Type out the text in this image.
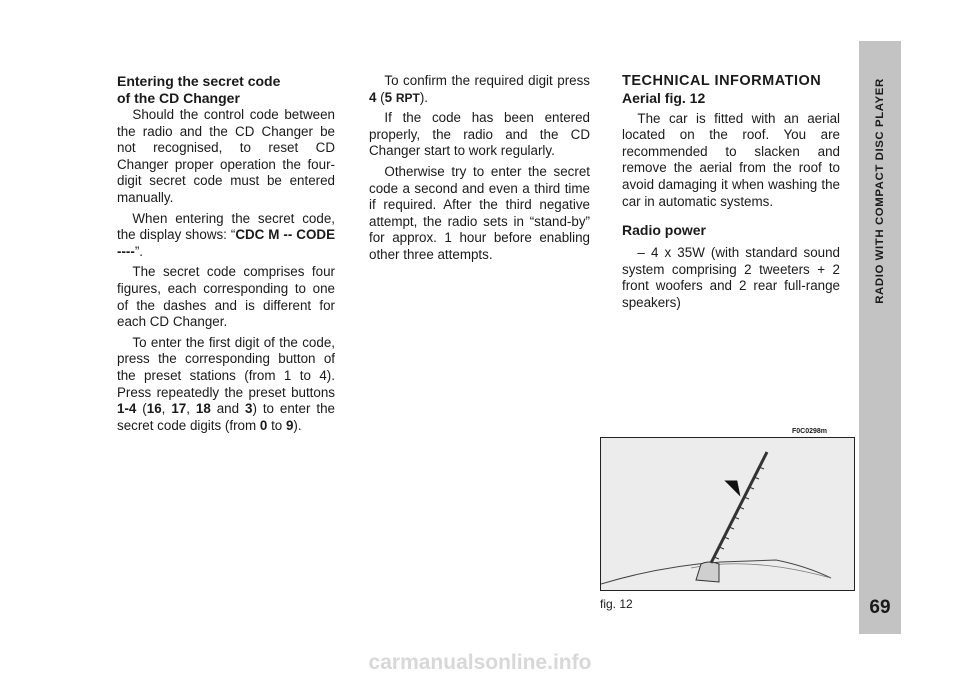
Entering the secret code
of the CD Changer

Should the control code between the radio and the CD Changer be not recognised, to reset CD Changer proper operation the four-digit secret code must be entered manually.

When entering the secret code, the display shows: “CDC M -- CODE ----”.

The secret code comprises four figures, each corresponding to one of the dashes and is different for each CD Changer.

To enter the first digit of the code, press the corresponding button of the preset stations (from 1 to 4). Press repeatedly the preset buttons 1-4 (16, 17, 18 and 3) to enter the secret code digits (from 0 to 9).

To confirm the required digit press 4 (5 RPT).

If the code has been entered properly, the radio and the CD Changer start to work regularly.

Otherwise try to enter the secret code a second and even a third time if required. After the third negative attempt, the radio sets in “stand-by” for approx. 1 hour before enabling other three attempts.

TECHNICAL INFORMATION

Aerial fig. 12

The car is fitted with an aerial located on the roof. You are recommended to slacken and remove the aerial from the roof to avoid damaging it when washing the car in automatic systems.

Radio power

– 4 x 35W (with standard sound system comprising 2 tweeters + 2 front woofers and 2 rear full-range speakers)

F0C0298m
fig. 12
RADIO WITH COMPACT DISC PLAYER
69
carmanualsonline.info
